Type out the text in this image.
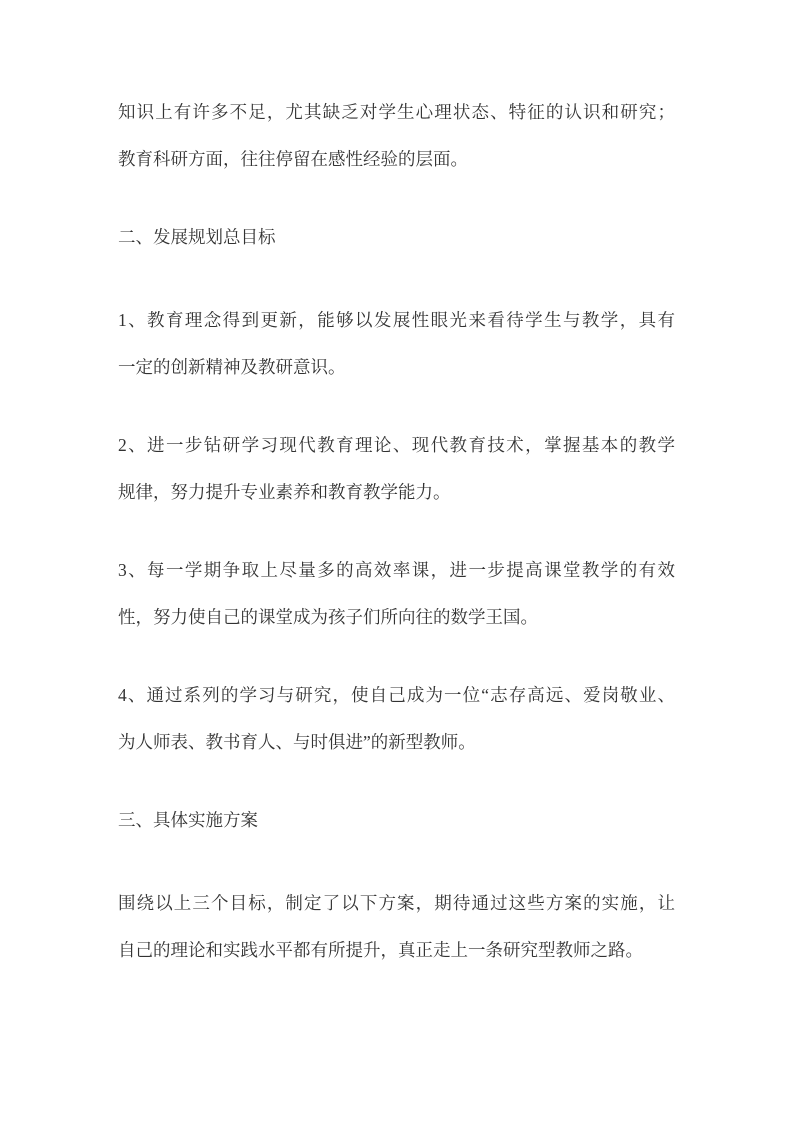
知识上有许多不足，尤其缺乏对学生心理状态、特征的认识和研究；
教育科研方面，往往停留在感性经验的层面。
二、发展规划总目标
1、教育理念得到更新，能够以发展性眼光来看待学生与教学，具有
一定的创新精神及教研意识。
2、进一步钻研学习现代教育理论、现代教育技术，掌握基本的教学
规律，努力提升专业素养和教育教学能力。
3、每一学期争取上尽量多的高效率课，进一步提高课堂教学的有效
性，努力使自己的课堂成为孩子们所向往的数学王国。
4、通过系列的学习与研究，使自己成为一位“志存高远、爱岗敬业、
为人师表、教书育人、与时俱进”的新型教师。
三、具体实施方案
围绕以上三个目标，制定了以下方案，期待通过这些方案的实施，让
自己的理论和实践水平都有所提升，真正走上一条研究型教师之路。
